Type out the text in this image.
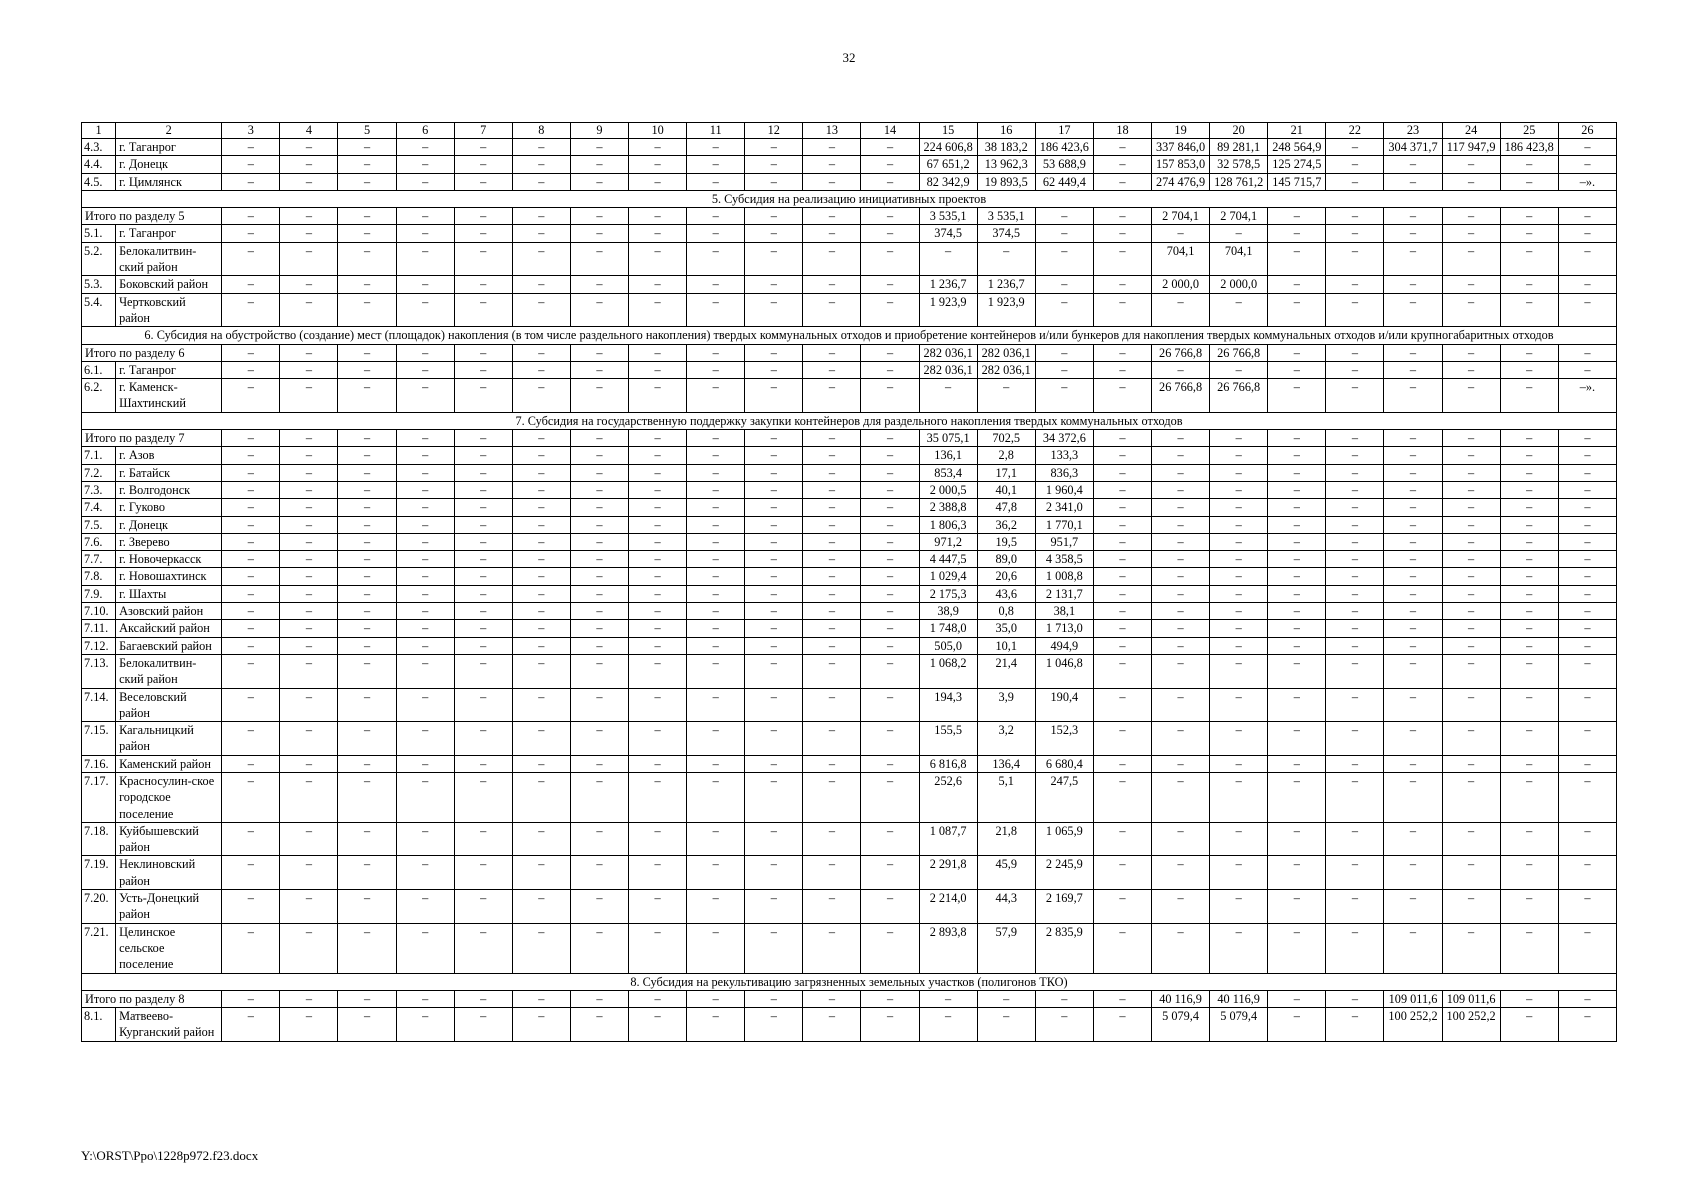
32
1	2	3	4	5	6	7	8	9	10	11	12	13	14	15	16	17	18	19	20	21	22	23	24	25	26
4.3.	г. Таганрог	–	–	–	–	–	–	–	–	–	–	–	–	224 606,8	38 183,2	186 423,6	–	337 846,0	89 281,1	248 564,9	–	304 371,7	117 947,9	186 423,8	–
4.4.	г. Донецк	–	–	–	–	–	–	–	–	–	–	–	–	67 651,2	13 962,3	53 688,9	–	157 853,0	32 578,5	125 274,5	–	–	–	–	–
4.5.	г. Цимлянск	–	–	–	–	–	–	–	–	–	–	–	–	82 342,9	19 893,5	62 449,4	–	274 476,9	128 761,2	145 715,7	–	–	–	–	–».
5. Субсидия на реализацию инициативных проектов																									
Итого по разделу 5		–	–	–	–	–	–	–	–	–	–	–	–	3 535,1	3 535,1	–	–	2 704,1	2 704,1	–	–	–	–	–	–
5.1.	г. Таганрог	–	–	–	–	–	–	–	–	–	–	–	–	374,5	374,5	–	–	–	–	–	–	–	–	–	–
5.2.	Белокалитвин-ский район	–	–	–	–	–	–	–	–	–	–	–	–	–	–	–	–	704,1	704,1	–	–	–	–	–	–
5.3.	Боковский район	–	–	–	–	–	–	–	–	–	–	–	–	1 236,7	1 236,7	–	–	2 000,0	2 000,0	–	–	–	–	–	–
5.4.	Чертковский район	–	–	–	–	–	–	–	–	–	–	–	–	1 923,9	1 923,9	–	–	–	–	–	–	–	–	–	–
6. Субсидия на обустройство (создание) мест (площадок) накопления (в том числе раздельного накопления) твердых коммунальных отходов и приобретение контейнеров и/или бункеров для накопления твердых коммунальных отходов и/или крупногабаритных отходов																									
Итого по разделу 6		–	–	–	–	–	–	–	–	–	–	–	–	282 036,1	282 036,1	–	–	26 766,8	26 766,8	–	–	–	–	–	–
6.1.	г. Таганрог	–	–	–	–	–	–	–	–	–	–	–	–	282 036,1	282 036,1	–	–	–	–	–	–	–	–	–	–
6.2.	г. Каменск-Шахтинский	–	–	–	–	–	–	–	–	–	–	–	–	–	–	–	–	26 766,8	26 766,8	–	–	–	–	–	–».
7. Субсидия на государственную поддержку закупки контейнеров для раздельного накопления твердых коммунальных отходов																									
Итого по разделу 7		–	–	–	–	–	–	–	–	–	–	–	–	35 075,1	702,5	34 372,6	–	–	–	–	–	–	–	–	–
7.1.	г. Азов	–	–	–	–	–	–	–	–	–	–	–	–	136,1	2,8	133,3	–	–	–	–	–	–	–	–	–
7.2.	г. Батайск	–	–	–	–	–	–	–	–	–	–	–	–	853,4	17,1	836,3	–	–	–	–	–	–	–	–	–
7.3.	г. Волгодонск	–	–	–	–	–	–	–	–	–	–	–	–	2 000,5	40,1	1 960,4	–	–	–	–	–	–	–	–	–
7.4.	г. Гуково	–	–	–	–	–	–	–	–	–	–	–	–	2 388,8	47,8	2 341,0	–	–	–	–	–	–	–	–	–
7.5.	г. Донецк	–	–	–	–	–	–	–	–	–	–	–	–	1 806,3	36,2	1 770,1	–	–	–	–	–	–	–	–	–
7.6.	г. Зверево	–	–	–	–	–	–	–	–	–	–	–	–	971,2	19,5	951,7	–	–	–	–	–	–	–	–	–
7.7.	г. Новочеркасск	–	–	–	–	–	–	–	–	–	–	–	–	4 447,5	89,0	4 358,5	–	–	–	–	–	–	–	–	–
7.8.	г. Новошахтинск	–	–	–	–	–	–	–	–	–	–	–	–	1 029,4	20,6	1 008,8	–	–	–	–	–	–	–	–	–
7.9.	г. Шахты	–	–	–	–	–	–	–	–	–	–	–	–	2 175,3	43,6	2 131,7	–	–	–	–	–	–	–	–	–
7.10.	Азовский район	–	–	–	–	–	–	–	–	–	–	–	–	38,9	0,8	38,1	–	–	–	–	–	–	–	–	–
7.11.	Аксайский район	–	–	–	–	–	–	–	–	–	–	–	–	1 748,0	35,0	1 713,0	–	–	–	–	–	–	–	–	–
7.12.	Багаевский район	–	–	–	–	–	–	–	–	–	–	–	–	505,0	10,1	494,9	–	–	–	–	–	–	–	–	–
7.13.	Белокалитвин-ский район	–	–	–	–	–	–	–	–	–	–	–	–	1 068,2	21,4	1 046,8	–	–	–	–	–	–	–	–	–
7.14.	Веселовский район	–	–	–	–	–	–	–	–	–	–	–	–	194,3	3,9	190,4	–	–	–	–	–	–	–	–	–
7.15.	Кагальницкий район	–	–	–	–	–	–	–	–	–	–	–	–	155,5	3,2	152,3	–	–	–	–	–	–	–	–	–
7.16.	Каменский район	–	–	–	–	–	–	–	–	–	–	–	–	6 816,8	136,4	6 680,4	–	–	–	–	–	–	–	–	–
7.17.	Красносулин-ское городское поселение	–	–	–	–	–	–	–	–	–	–	–	–	252,6	5,1	247,5	–	–	–	–	–	–	–	–	–
7.18.	Куйбышевский район	–	–	–	–	–	–	–	–	–	–	–	–	1 087,7	21,8	1 065,9	–	–	–	–	–	–	–	–	–
7.19.	Неклиновский район	–	–	–	–	–	–	–	–	–	–	–	–	2 291,8	45,9	2 245,9	–	–	–	–	–	–	–	–	–
7.20.	Усть-Донецкий район	–	–	–	–	–	–	–	–	–	–	–	–	2 214,0	44,3	2 169,7	–	–	–	–	–	–	–	–	–
7.21.	Целинское сельское поселение	–	–	–	–	–	–	–	–	–	–	–	–	2 893,8	57,9	2 835,9	–	–	–	–	–	–	–	–	–
8. Субсидия на рекультивацию загрязненных земельных участков (полигонов ТКО)																									
Итого по разделу 8		–	–	–	–	–	–	–	–	–	–	–	–	–	–	–	–	40 116,9	40 116,9	–	–	109 011,6	109 011,6	–	–
8.1.	Матвеево-Курганский район	–	–	–	–	–	–	–	–	–	–	–	–	–	–	–	–	5 079,4	5 079,4	–	–	100 252,2	100 252,2	–	–
Y:\ORST\Ppo\1228p972.f23.docx
